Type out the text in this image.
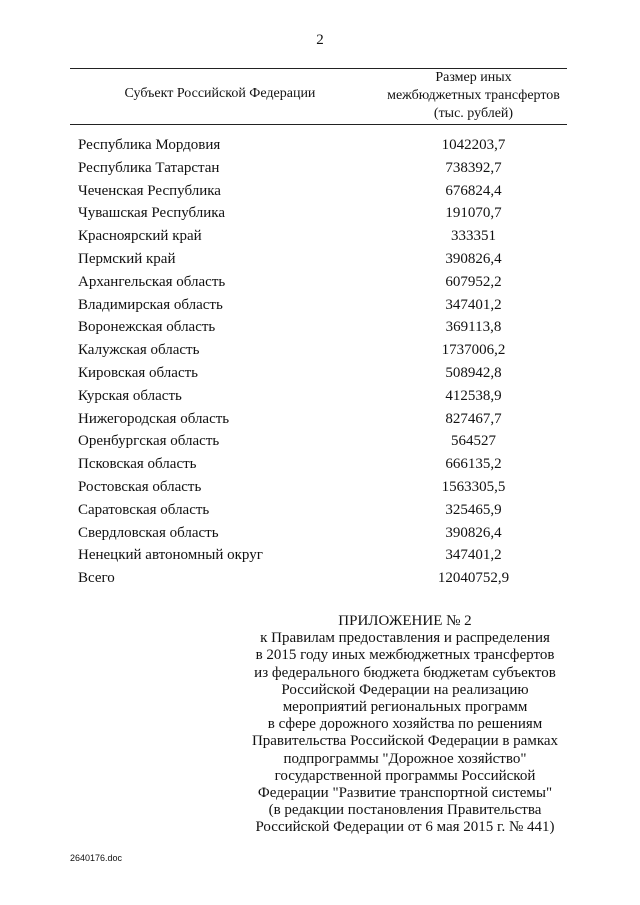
2
Субъект Российской Федерации
Размер иных
межбюджетных трансфертов
(тыс. рублей)
Республика Мордовия	1042203,7
Республика Татарстан	738392,7
Чеченская Республика	676824,4
Чувашская Республика	191070,7
Красноярский край	333351
Пермский край	390826,4
Архангельская область	607952,2
Владимирская область	347401,2
Воронежская область	369113,8
Калужская область	1737006,2
Кировская область	508942,8
Курская область	412538,9
Нижегородская область	827467,7
Оренбургская область	564527
Псковская область	666135,2
Ростовская область	1563305,5
Саратовская область	325465,9
Свердловская область	390826,4
Ненецкий автономный округ	347401,2
Всего	12040752,9
ПРИЛОЖЕНИЕ № 2
к Правилам предоставления и распределения
в 2015 году иных межбюджетных трансфертов
из федерального бюджета бюджетам субъектов
Российской Федерации на реализацию
мероприятий региональных программ
в сфере дорожного хозяйства по решениям
Правительства Российской Федерации в рамках
подпрограммы "Дорожное хозяйство"
государственной программы Российской
Федерации "Развитие транспортной системы"
(в редакции постановления Правительства
Российской Федерации от 6 мая 2015 г. № 441)
2640176.doc
